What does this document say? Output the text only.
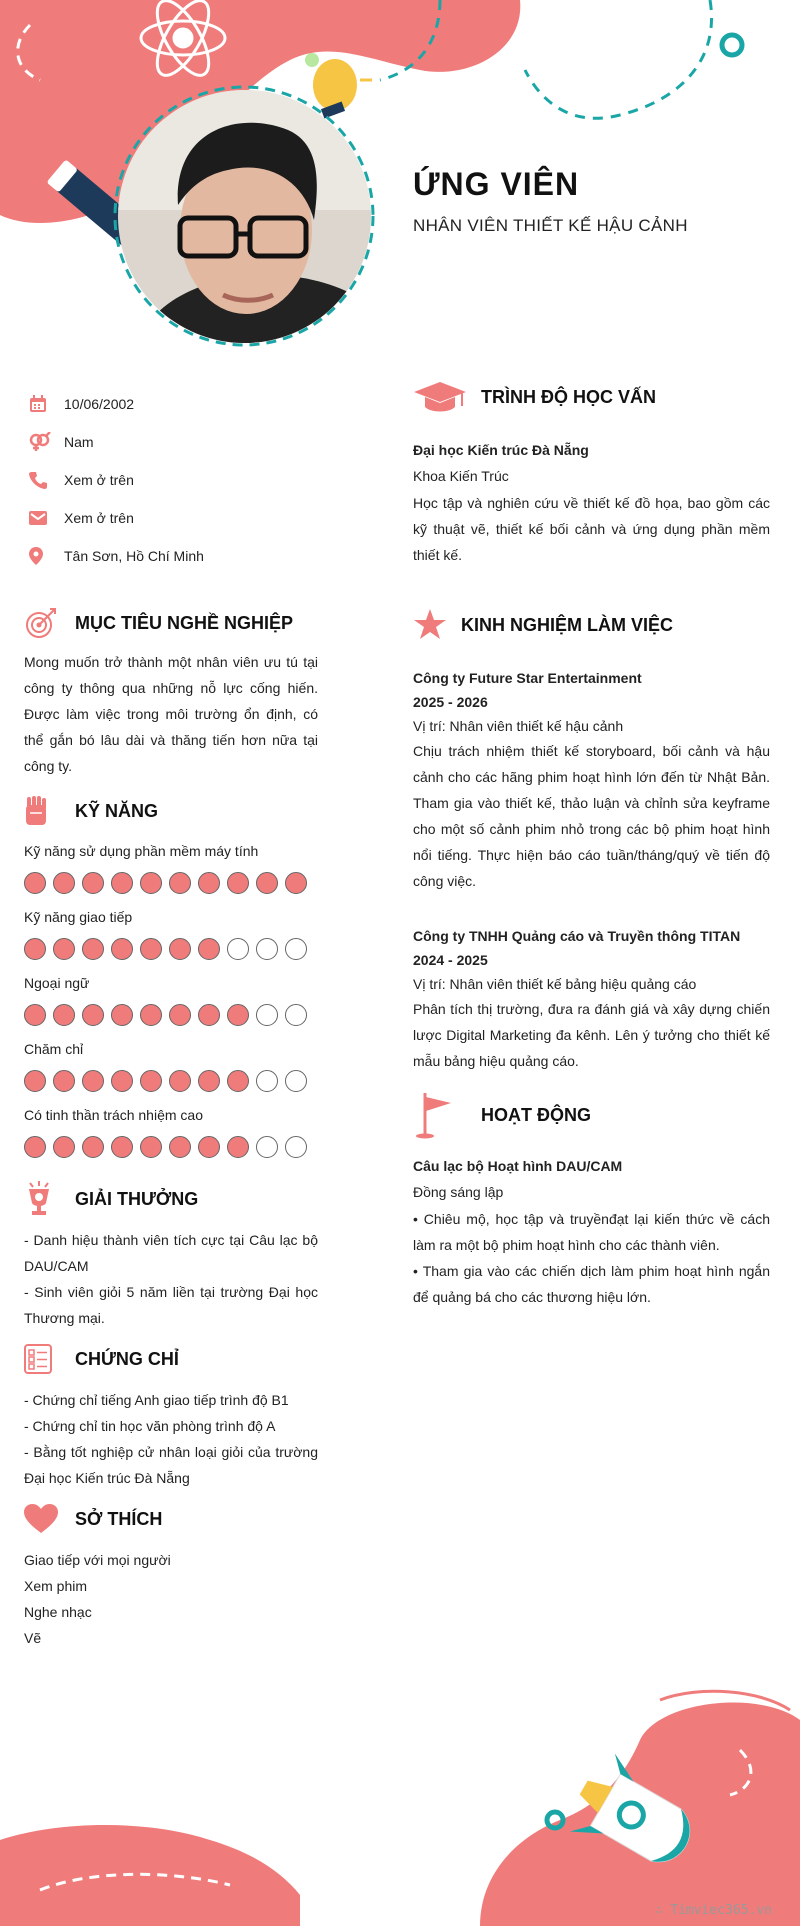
ỨNG VIÊN
NHÂN VIÊN THIẾT KẾ HẬU CẢNH
10/06/2002
Nam
Xem ở trên
Xem ở trên
Tân Sơn, Hồ Chí Minh
MỤC TIÊU NGHỀ NGHIỆP
Mong muốn trở thành một nhân viên ưu tú tại công ty thông qua những nỗ lực cống hiến. Được làm việc trong môi trường ổn định, có thể gắn bó lâu dài và thăng tiến hơn nữa tại công ty.
KỸ NĂNG
Kỹ năng sử dụng phần mềm máy tính
Kỹ năng giao tiếp
Ngoại ngữ
Chăm chỉ
Có tinh thần trách nhiệm cao
GIẢI THƯỞNG
- Danh hiệu thành viên tích cực tại Câu lạc bộ DAU/CAM
- Sinh viên giỏi 5 năm liền tại trường Đại học Thương mại.
CHỨNG CHỈ
- Chứng chỉ tiếng Anh giao tiếp trình độ B1
- Chứng chỉ tin học văn phòng trình độ A
- Bằng tốt nghiệp cử nhân loại giỏi của trường Đại học Kiến trúc Đà Nẵng
SỞ THÍCH
Giao tiếp với mọi người
Xem phim
Nghe nhạc
Vẽ
TRÌNH ĐỘ HỌC VẤN
Đại học Kiến trúc Đà Nẵng
Khoa Kiến Trúc
Học tập và nghiên cứu về thiết kế đồ họa, bao gồm các kỹ thuật vẽ, thiết kế bối cảnh và ứng dụng phần mềm thiết kế.
KINH NGHIỆM LÀM VIỆC
Công ty Future Star Entertainment
2025 - 2026
Vị trí: Nhân viên thiết kế hậu cảnh
Chịu trách nhiệm thiết kế storyboard, bối cảnh và hậu cảnh cho các hãng phim hoạt hình lớn đến từ Nhật Bản. Tham gia vào thiết kế, thảo luận và chỉnh sửa keyframe cho một số cảnh phim nhỏ trong các bộ phim hoạt hình nổi tiếng. Thực hiện báo cáo tuần/tháng/quý về tiến độ công việc.
Công ty TNHH Quảng cáo và Truyền thông TITAN
2024 - 2025
Vị trí: Nhân viên thiết kế bảng hiệu quảng cáo
Phân tích thị trường, đưa ra đánh giá và xây dựng chiến lược Digital Marketing đa kênh. Lên ý tưởng cho thiết kế mẫu bảng hiệu quảng cáo.
HOẠT ĐỘNG
Câu lạc bộ Hoạt hình DAU/CAM
Đồng sáng lập
• Chiêu mộ, học tập và truyềnđạt lại kiến thức về cách làm ra một bộ phim hoạt hình cho các thành viên.
• Tham gia vào các chiến dịch làm phim hoạt hình ngắn để quảng bá cho các thương hiệu lớn.
∴ Timviec365.vn
